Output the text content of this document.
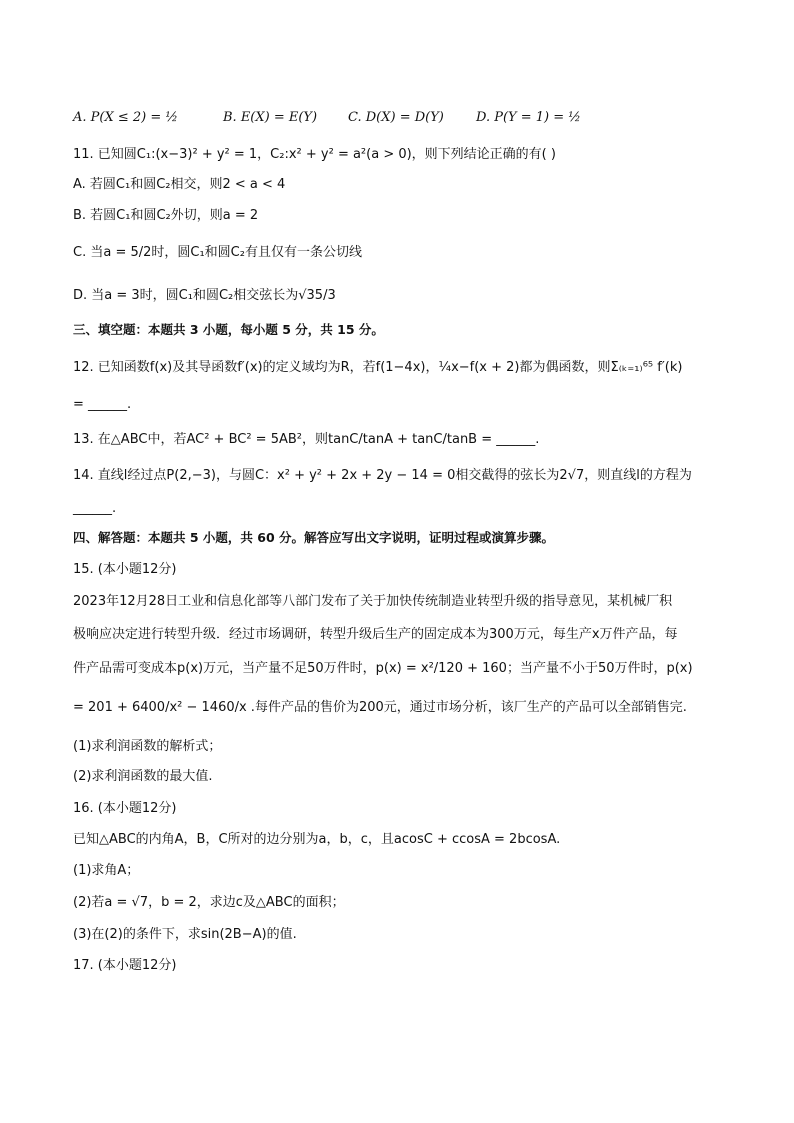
A. P(X ≤ 2) = ½	B. E(X) = E(Y) C. D(X) = D(Y) D. P(Y = 1) = ½
11. 已知圆C₁:(x−3)² + y² = 1，C₂:x² + y² = a²(a > 0)，则下列结论正确的有( )
A. 若圆C₁和圆C₂相交，则2 < a < 4
B. 若圆C₁和圆C₂外切，则a = 2
C. 当a = 5/2时，圆C₁和圆C₂有且仅有一条公切线
D. 当a = 3时，圆C₁和圆C₂相交弦长为√35/3
三、填空题：本题共 3 小题，每小题 5 分，共 15 分。
12. 已知函数f(x)及其导函数f′(x)的定义域均为R，若f(1−4x)，¼x−f(x + 2)都为偶函数，则Σ₍ₖ₌₁₎⁶⁵ f′(k)
= ______.
13. 在△ABC中，若AC² + BC² = 5AB²，则tanC/tanA + tanC/tanB = ______.
14. 直线l经过点P(2,−3)，与圆C：x² + y² + 2x + 2y − 14 = 0相交截得的弦长为2√7，则直线l的方程为
______.
四、解答题：本题共 5 小题，共 60 分。解答应写出文字说明，证明过程或演算步骤。
15. (本小题12分)
2023年12月28日工业和信息化部等八部门发布了关于加快传统制造业转型升级的指导意见，某机械厂积
极响应决定进行转型升级．经过市场调研，转型升级后生产的固定成本为300万元，每生产x万件产品，每
件产品需可变成本p(x)万元，当产量不足50万件时，p(x) = x²/120 + 160；当产量不小于50万件时，p(x)
= 201 + 6400/x² − 1460/x .每件产品的售价为200元，通过市场分析，该厂生产的产品可以全部销售完.
(1)求利润函数的解析式；
(2)求利润函数的最大值.
16. (本小题12分)
已知△ABC的内角A，B，C所对的边分别为a，b，c，且acosC + ccosA = 2bcosA.
(1)求角A；
(2)若a = √7，b = 2，求边c及△ABC的面积；
(3)在(2)的条件下，求sin(2B−A)的值.
17. (本小题12分)
